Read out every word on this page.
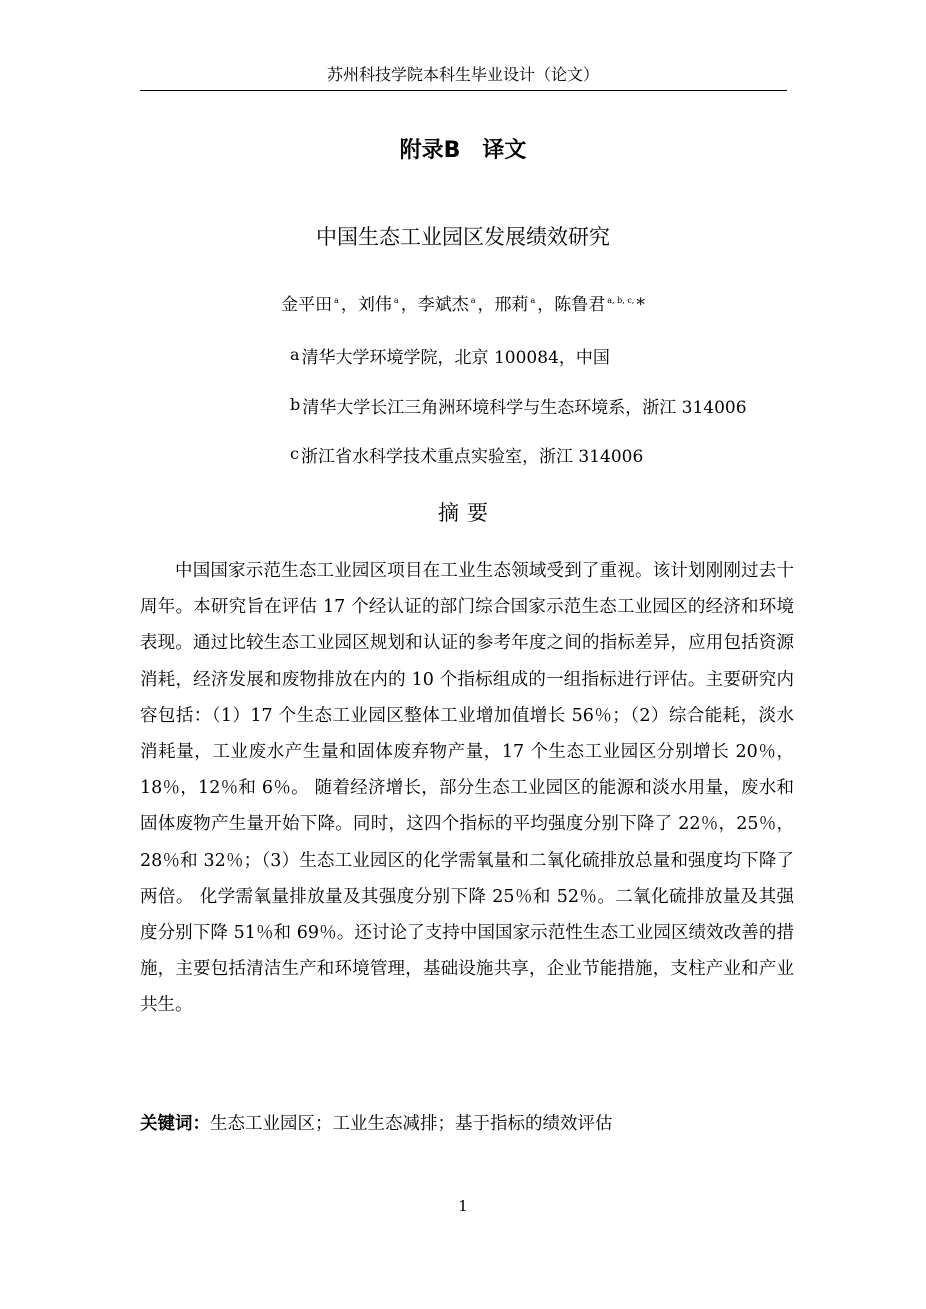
苏州科技学院本科生毕业设计（论文）
附录B　译文
中国生态工业园区发展绩效研究
金平田 $^a$ ，刘伟 $^a$ ，李斌杰 $^a$ ，邢莉 $^a$ ，陈鲁君 $^{a, b, c,}$ *
a 清华大学环境学院，北京 100084，中国
b 清华大学长江三角洲环境科学与生态环境系，浙江 314006
c 浙江省水科学技术重点实验室，浙江 314006
摘要
中国国家示范生态工业园区项目在工业生态领域受到了重视。该计划刚刚过去十周年。本研究旨在评估 17 个经认证的部门综合国家示范生态工业园区的经济和环境表现。通过比较生态工业园区规划和认证的参考年度之间的指标差异，应用包括资源消耗，经济发展和废物排放在内的 10 个指标组成的一组指标进行评估。主要研究内容包括：（1）17 个生态工业园区整体工业增加值增长 56％；（2）综合能耗，淡水消耗量，工业废水产生量和固体废弃物产量，17 个生态工业园区分别增长 20％，18％，12％和 6％。 随着经济增长，部分生态工业园区的能源和淡水用量，废水和固体废物产生量开始下降。同时，这四个指标的平均强度分别下降了 22％，25％，28％和 32％；（3）生态工业园区的化学需氧量和二氧化硫排放总量和强度均下降了两倍。 化学需氧量排放量及其强度分别下降 25％和 52％。二氧化硫排放量及其强度分别下降 51％和 69％。还讨论了支持中国国家示范性生态工业园区绩效改善的措施，主要包括清洁生产和环境管理，基础设施共享，企业节能措施，支柱产业和产业共生。
关键词：生态工业园区；工业生态减排；基于指标的绩效评估
1
